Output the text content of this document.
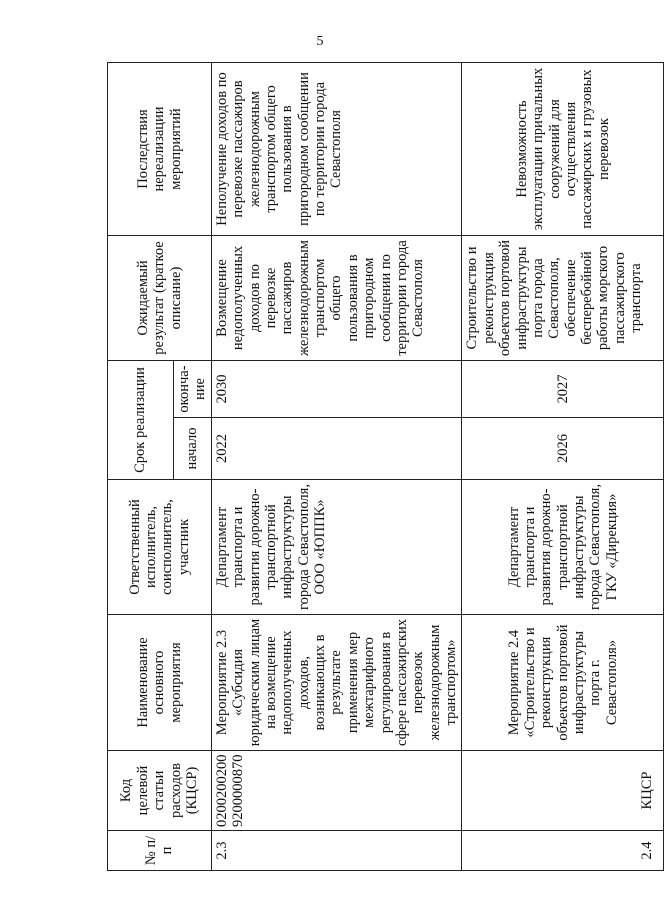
5
№ п/п	Код целевой статьи расходов (КЦСР)	Наименование основного мероприятия	Ответственный исполнитель, соисполнитель, участник	Срок реализации		Ожидаемый результат (краткое описание)	Последствия нереализации мероприятий
				начало	оконча-ние		
2.3	0200200200 9200000870	Мероприятие 2.3 «Субсидия юридическим лицам на возмещение недополученных доходов, возникающих в результате применения мер межтарифного регулирования в сфере пассажирских перевозок железнодорожным транспортом»	Департамент транспорта и развития дорожно-транспортной инфраструктуры города Севастополя, ООО «ЮППК»	2022	2030	Возмещение недополученных доходов по перевозке пассажиров железнодорожным транспортом общего пользования в пригородном сообщении по территории города Севастополя	Неполучение доходов по перевозке пассажиров железнодорожным транспортом общего пользования в пригородном сообщении по территории города Севастополя
2.4	КЦСР	Мероприятие 2.4 «Строительство и реконструкция объектов портовой инфраструктуры порта г. Севастополя»	Департамент транспорта и развития дорожно-транспортной инфраструктуры города Севастополя, ГКУ «Дирекция»	2026	2027	Строительство и реконструкция объектов портовой инфраструктуры порта города Севастополя, обеспечение бесперебойной работы морского пассажирского транспорта	Невозможность эксплуатации причальных сооружений для осуществления пассажирских и грузовых перевозок
